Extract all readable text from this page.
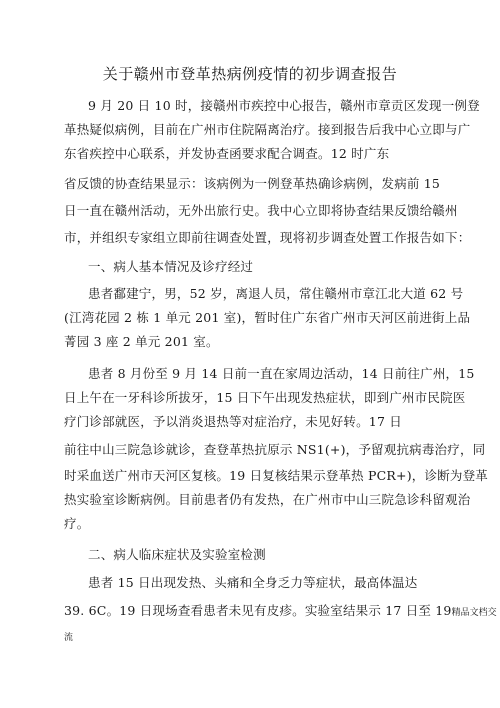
关于赣州市登革热病例疫情的初步调查报告
9 月 20 日 10 时，接赣州市疾控中心报告，赣州市章贡区发现一例登
革热疑似病例，目前在广州市住院隔离治疗。接到报告后我中心立即与广
东省疾控中心联系，并发协查函要求配合调查。12 时广东
省反馈的协查结果显示：该病例为一例登革热确诊病例，发病前 15
日一直在赣州活动，无外出旅行史。我中心立即将协查结果反馈给赣州
市，并组织专家组立即前往调查处置，现将初步调查处置工作报告如下：
一、病人基本情况及诊疗经过
患者鄱建宁，男，52 岁，离退人员，常住赣州市章江北大道 62 号
(江湾花园 2 栋 1 单元 201 室)，暂时住广东省广州市天河区前进街上品
菁园 3 座 2 单元 201 室。
患者 8 月份至 9 月 14 日前一直在家周边活动，14 日前往广州，15
日上午在一牙科诊所拔牙，15 日下午出现发热症状，即到广州市民院医
疗门诊部就医，予以消炎退热等对症治疗，未见好转。17 日
前往中山三院急诊就诊，查登革热抗原示 NS1(+)，予留观抗病毒治疗，同
时采血送广州市天河区复核。19 日复核结果示登革热 PCR+)，诊断为登革
热实验室诊断病例。目前患者仍有发热，在广州市中山三院急诊科留观治
疗。
二、病人临床症状及实验室检测
患者 15 日出现发热、头痛和全身乏力等症状，最高体温达
39. 6C。19 日现场查看患者未见有皮疹。实验室结果示 17 日至 19精品文档交
流
